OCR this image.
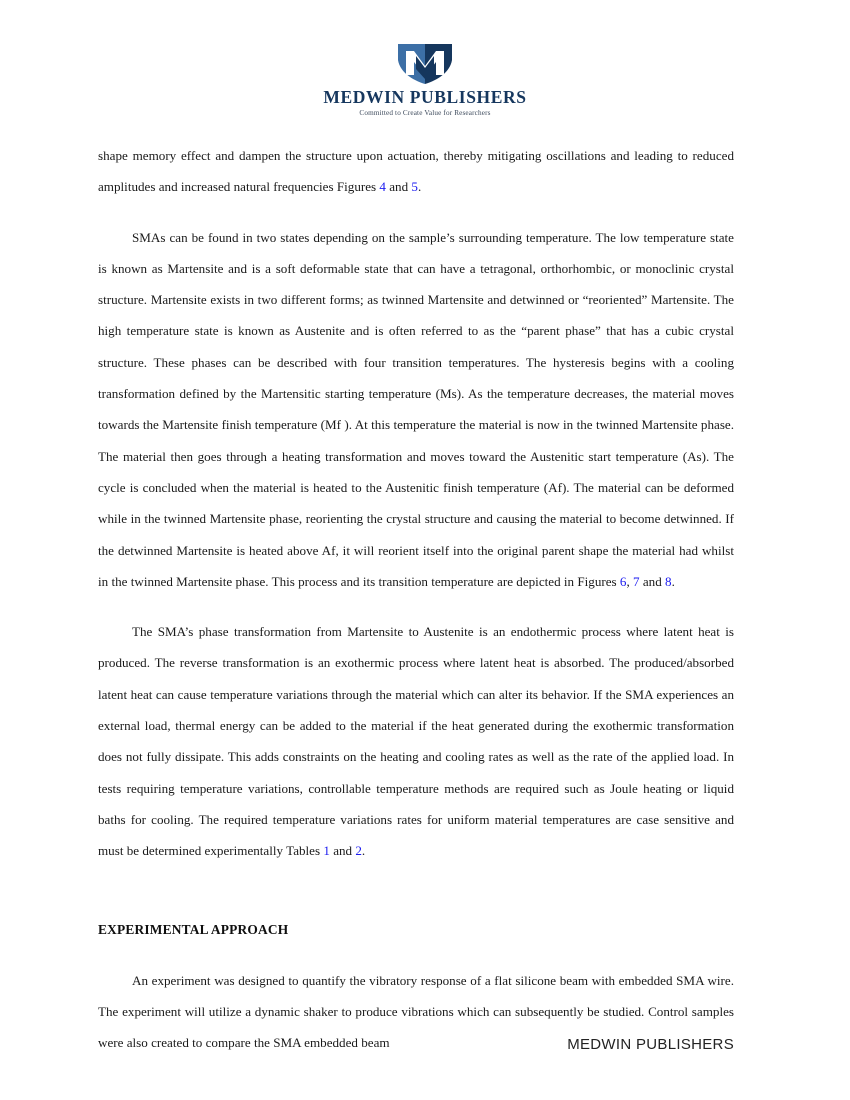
MEDWIN PUBLISHERS
Committed to Create Value for Researchers

shape memory effect and dampen the structure upon actuation, thereby mitigating oscillations and leading to reduced amplitudes and increased natural frequencies Figures 4 and 5.

SMAs can be found in two states depending on the sample’s surrounding temperature. The low temperature state is known as Martensite and is a soft deformable state that can have a tetragonal, orthorhombic, or monoclinic crystal structure. Martensite exists in two different forms; as twinned Martensite and detwinned or “reoriented” Martensite. The high temperature state is known as Austenite and is often referred to as the “parent phase” that has a cubic crystal structure. These phases can be described with four transition temperatures. The hysteresis begins with a cooling transformation defined by the Martensitic starting temperature (Ms). As the temperature decreases, the material moves towards the Martensite finish temperature (Mf ). At this temperature the material is now in the twinned Martensite phase. The material then goes through a heating transformation and moves toward the Austenitic start temperature (As). The cycle is concluded when the material is heated to the Austenitic finish temperature (Af). The material can be deformed while in the twinned Martensite phase, reorienting the crystal structure and causing the material to become detwinned. If the detwinned Martensite is heated above Af, it will reorient itself into the original parent shape the material had whilst in the twinned Martensite phase. This process and its transition temperature are depicted in Figures 6, 7 and 8.

The SMA’s phase transformation from Martensite to Austenite is an endothermic process where latent heat is produced. The reverse transformation is an exothermic process where latent heat is absorbed. The produced/absorbed latent heat can cause temperature variations through the material which can alter its behavior. If the SMA experiences an external load, thermal energy can be added to the material if the heat generated during the exothermic transformation does not fully dissipate. This adds constraints on the heating and cooling rates as well as the rate of the applied load. In tests requiring temperature variations, controllable temperature methods are required such as Joule heating or liquid baths for cooling. The required temperature variations rates for uniform material temperatures are case sensitive and must be determined experimentally Tables 1 and 2.

EXPERIMENTAL APPROACH

An experiment was designed to quantify the vibratory response of a flat silicone beam with embedded SMA wire. The experiment will utilize a dynamic shaker to produce vibrations which can subsequently be studied. Control samples were also created to compare the SMA embedded beam	MEDWIN PUBLISHERS
